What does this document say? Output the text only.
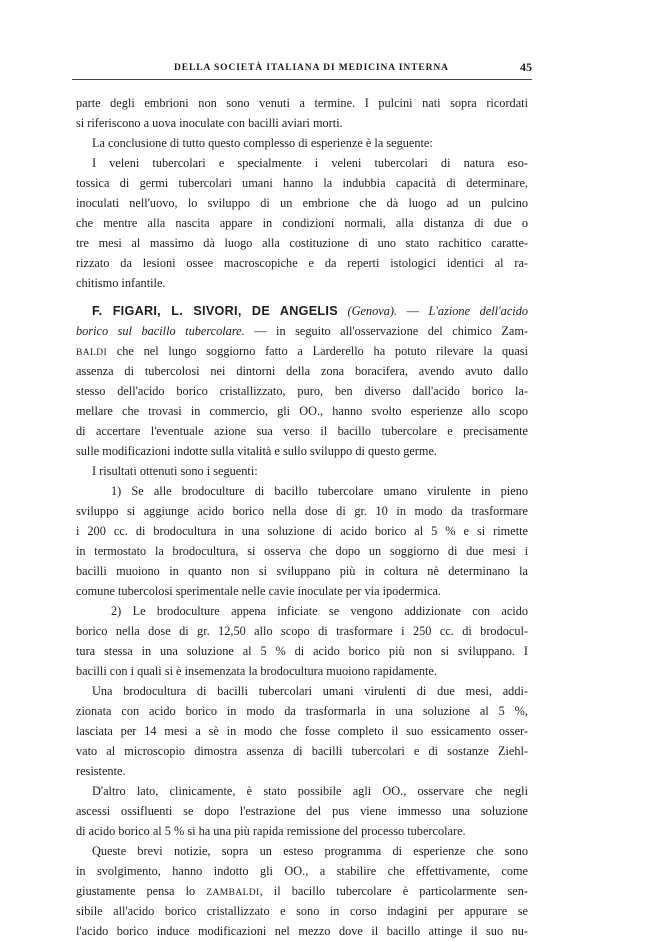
DELLA SOCIETÀ ITALIANA DI MEDICINA INTERNA	45
parte degli embrioni non sono venuti a termine. I pulcini nati sopra ricordati
si riferiscono a uova inoculate con bacilli aviari morti.
La conclusione di tutto questo complesso di esperienze è la seguente:
I veleni tubercolari e specialmente i veleni tubercolari di natura eso-
tossica di germi tubercolari umani hanno la indubbia capacità di determinare,
inoculati nell'uovo, lo sviluppo di un embrione che dà luogo ad un pulcino
che mentre alla nascita appare in condizioni normali, alla distanza di due o
tre mesi al massimo dà luogo alla costituzione di uno stato rachitico caratte-
rizzato da lesioni ossee macroscopiche e da reperti istologici identici al ra-
chitismo infantile.
F. FIGARI, L. SIVORI, DE ANGELIS (Genova). — L'azione dell'acido
borico sul bacillo tubercolare. — in seguito all'osservazione del chimico Zam-
BALDI che nel lungo soggiorno fatto a Larderello ha potuto rilevare la quasi
assenza di tubercolosi nei dintorni della zona boracifera, avendo avuto dallo
stesso dell'acido borico cristallizzato, puro, ben diverso dall'acido borico la-
mellare che trovasi in commercio, gli OO., hanno svolto esperienze allo scopo
di accertare l'eventuale azione sua verso il bacillo tubercolare e precisamente
sulle modificazioni indotte sulla vitalità e sullo sviluppo di questo germe.
I risultati ottenuti sono i seguenti:
1) Se alle brodoculture di bacillo tubercolare umano virulente in pieno
sviluppo si aggiunge acido borico nella dose di gr. 10 in modo da trasformare
i 200 cc. di brodocultura in una soluzione di acido borico al 5 % e si rimette
in termostato la brodocultura, si osserva che dopo un soggiorno di due mesi i
bacilli muoiono in quanto non si sviluppano più in coltura nè determinano la
comune tubercolosi sperimentale nelle cavie inoculate per via ipodermica.
2) Le brodoculture appena inficiate se vengono addizionate con acido
borico nella dose di gr. 12,50 allo scopo di trasformare i 250 cc. di brodocul-
tura stessa in una soluzione al 5 % di acido borico più non si sviluppano. I
bacilli con i quali si è insemenzata la brodocultura muoiono rapidamente.
Una brodocultura di bacilli tubercolari umani virulenti di due mesi, addi-
zionata con acido borico in modo da trasformarla in una soluzione al 5 %,
lasciata per 14 mesi a sè in modo che fosse completo il suo essicamento osser-
vato al microscopio dimostra assenza di bacilli tubercolari e di sostanze Ziehl-
resistente.
D'altro lato, clinicamente, è stato possibile agli OO., osservare che negli
ascessi ossifluenti se dopo l'estrazione del pus viene immesso una soluzione
di acido borico al 5 % si ha una più rapida remissione del processo tubercolare.
Queste brevi notizie, sopra un esteso programma di esperienze che sono
in svolgimento, hanno indotto gli OO., a stabilire che effettivamente, come
giustamente pensa lo ZAMBALDI, il bacillo tubercolare è particolarmente sen-
sibile all'acido borico cristallizzato e sono in corso indagini per appurare se
l'acido borico induce modificazioni nel mezzo dove il bacillo attinge il suo nu-
